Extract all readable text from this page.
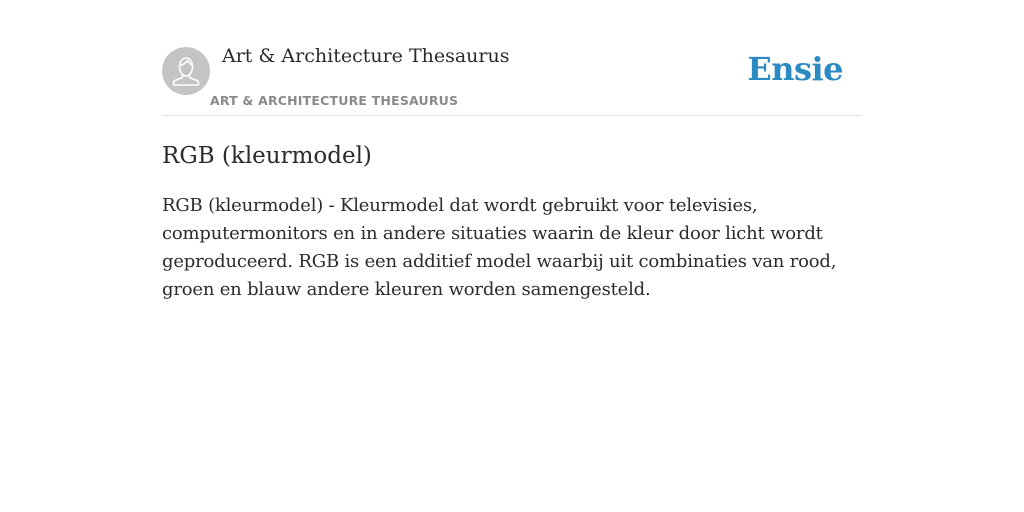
Art & Architecture Thesaurus
ART & ARCHITECTURE THESAURUS
Ensie
RGB (kleurmodel)

RGB (kleurmodel) - Kleurmodel dat wordt gebruikt voor televisies, computermonitors en in andere situaties waarin de kleur door licht wordt geproduceerd. RGB is een additief model waarbij uit combinaties van rood, groen en blauw andere kleuren worden samengesteld.
